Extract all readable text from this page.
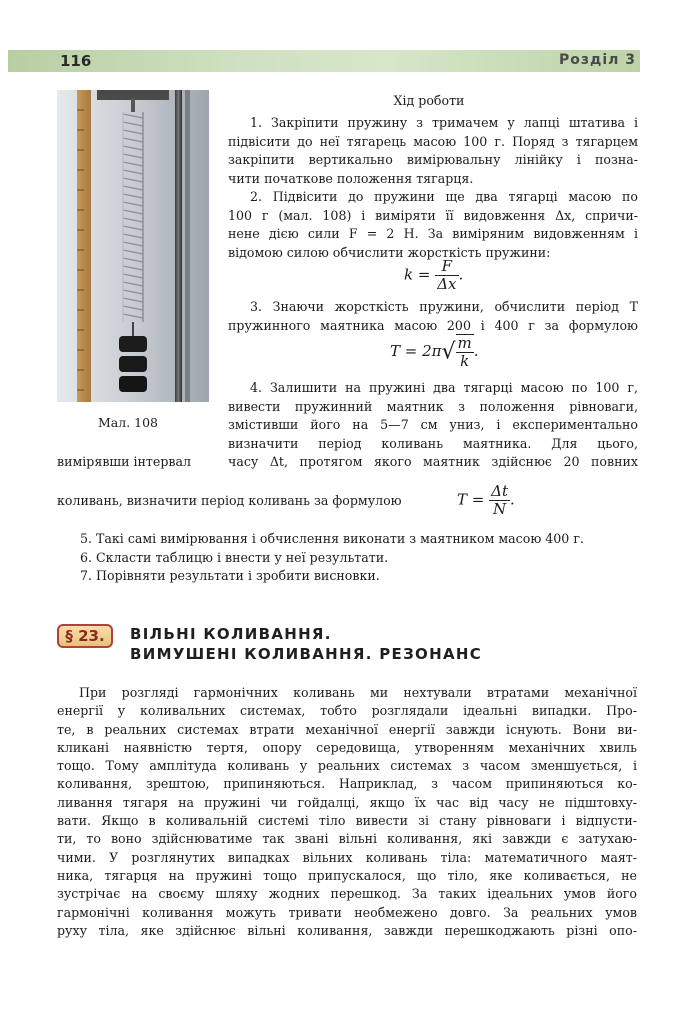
116	Розділ 3
Мал. 108
Хід роботи
1. Закріпити пружину з тримачем у лапці штатива і
підвісити до неї тягарець масою 100 г. Поряд з тягарцем
закріпити вертикально вимірювальну лінійку і позна-
чити початкове положення тягарця.
2. Підвісити до пружини ще два тягарці масою по
100 г (мал. 108) і виміряти її видовження Δx, спричи-
нене дією сили F = 2 Н. За виміряним видовженням і
відомою силою обчислити жорсткість пружини:
$k = \frac{F}{\Delta x}$ .
3. Знаючи жорсткість пружини, обчислити період T
пружинного маятника масою 200 і 400 г за формулою
$T = 2\pi√ \frac{m}{k}$ .
4. Залишити на пружині два тягарці масою по 100 г,
вивести пружинний маятник з положення рівноваги,
змістивши його на 5—7 см униз, і експериментально
визначити період коливань маятника. Для цього,
вимірявши інтервал	часу Δt, протягом якого маятник здійснює 20 повних
коливань, визначити період коливань за формулою	$T = \frac{\Delta t}{N}$ .
5. Такі самі вимірювання і обчислення виконати з маятником масою 400 г.
6. Скласти таблицю і внести у неї результати.
7. Порівняти результати і зробити висновки.
§ 23.	ВІЛЬНІ КОЛИВАННЯ.
ВИМУШЕНІ КОЛИВАННЯ. РЕЗОНАНС
При розгляді гармонічних коливань ми нехтували втратами механічної
енергії у коливальних системах, тобто розглядали ідеальні випадки. Про-
те, в реальних системах втрати механічної енергії завжди існують. Вони ви-
кликані наявністю тертя, опору середовища, утворенням механічних хвиль
тощо. Тому амплітуда коливань у реальних системах з часом зменшується, і
коливання, зрештою, припиняються. Наприклад, з часом припиняються ко-
ливання тягаря на пружині чи гойдалці, якщо їх час від часу не підштовху-
вати. Якщо в коливальній системі тіло вивести зі стану рівноваги і відпусти-
ти, то воно здійснюватиме так звані вільні коливання, які завжди є затухаю-
чими. У розглянутих випадках вільних коливань тіла: математичного маят-
ника, тягарця на пружині тощо припускалося, що тіло, яке коливається, не
зустрічає на своєму шляху жодних перешкод. За таких ідеальних умов його
гармонічні коливання можуть тривати необмежено довго. За реальних умов
руху тіла, яке здійснює вільні коливання, завжди перешкоджають різні опо-
